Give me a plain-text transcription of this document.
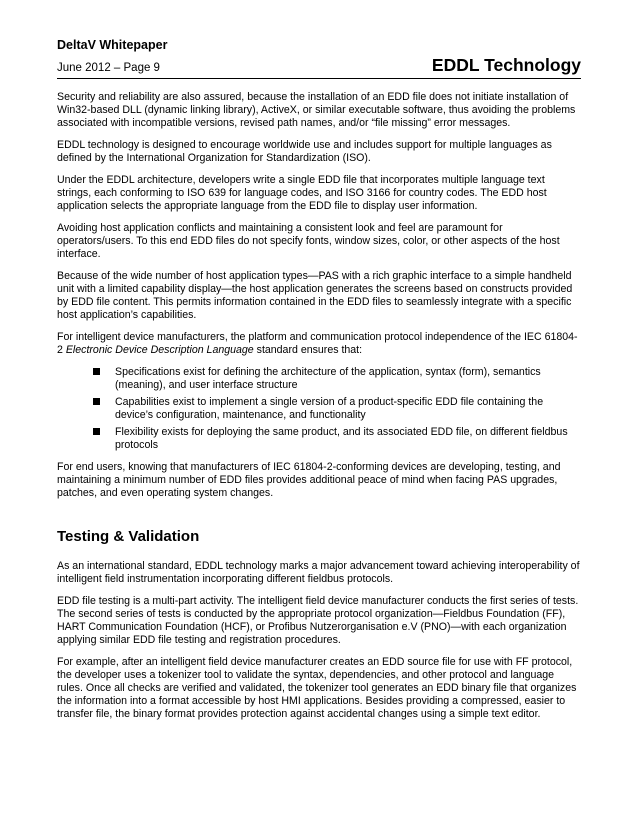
DeltaV Whitepaper
June 2012 – Page 9	EDDL Technology

Security and reliability are also assured, because the installation of an EDD file does not initiate installation of Win32-based DLL (dynamic linking library), ActiveX, or similar executable software, thus avoiding the problems associated with incompatible versions, revised path names, and/or “file missing” error messages.

EDDL technology is designed to encourage worldwide use and includes support for multiple languages as defined by the International Organization for Standardization (ISO).

Under the EDDL architecture, developers write a single EDD file that incorporates multiple language text strings, each conforming to ISO 639 for language codes, and ISO 3166 for country codes. The EDD host application selects the appropriate language from the EDD file to display user information.

Avoiding host application conflicts and maintaining a consistent look and feel are paramount for operators/users. To this end EDD files do not specify fonts, window sizes, color, or other aspects of the host interface.

Because of the wide number of host application types—PAS with a rich graphic interface to a simple handheld unit with a limited capability display—the host application generates the screens based on constructs provided by EDD file content. This permits information contained in the EDD files to seamlessly integrate with a specific host application’s capabilities.

For intelligent device manufacturers, the platform and communication protocol independence of the IEC 61804-2 Electronic Device Description Language standard ensures that:

Specifications exist for defining the architecture of the application, syntax (form), semantics (meaning), and user interface structure
Capabilities exist to implement a single version of a product-specific EDD file containing the device’s configuration, maintenance, and functionality
Flexibility exists for deploying the same product, and its associated EDD file, on different fieldbus protocols

For end users, knowing that manufacturers of IEC 61804-2-conforming devices are developing, testing, and maintaining a minimum number of EDD files provides additional peace of mind when facing PAS upgrades, patches, and even operating system changes.

Testing & Validation

As an international standard, EDDL technology marks a major advancement toward achieving interoperability of intelligent field instrumentation incorporating different fieldbus protocols.

EDD file testing is a multi-part activity. The intelligent field device manufacturer conducts the first series of tests. The second series of tests is conducted by the appropriate protocol organization—Fieldbus Foundation (FF), HART Communication Foundation (HCF), or Profibus Nutzerorganisation e.V (PNO)—with each organization applying similar EDD file testing and registration procedures.

For example, after an intelligent field device manufacturer creates an EDD source file for use with FF protocol, the developer uses a tokenizer tool to validate the syntax, dependencies, and other protocol and language rules. Once all checks are verified and validated, the tokenizer tool generates an EDD binary file that organizes the information into a format accessible by host HMI applications. Besides providing a compressed, easier to transfer file, the binary format provides protection against accidental changes using a simple text editor.
